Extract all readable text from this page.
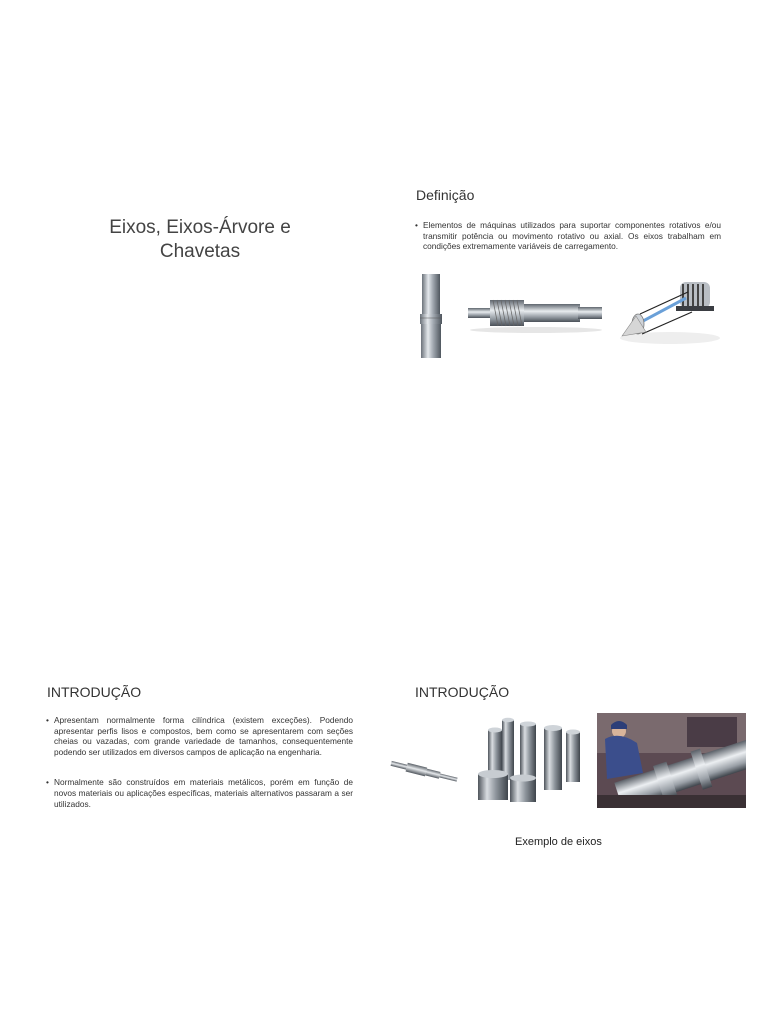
Eixos, Eixos-Árvore e Chavetas
Definição
• Elementos de máquinas utilizados para suportar componentes rotativos e/ou transmitir potência ou movimento rotativo ou axial. Os eixos trabalham em condições extremamente variáveis de carregamento.
INTRODUÇÃO
• Apresentam normalmente forma cilíndrica (existem exceções). Podendo apresentar perfis lisos e compostos, bem como se apresentarem com seções cheias ou vazadas, com grande variedade de tamanhos, consequentemente podendo ser utilizados em diversos campos de aplicação na engenharia.
• Normalmente são construídos em materiais metálicos, porém em função de novos materiais ou aplicações específicas, materiais alternativos passaram a ser utilizados.
INTRODUÇÃO
Exemplo de eixos
